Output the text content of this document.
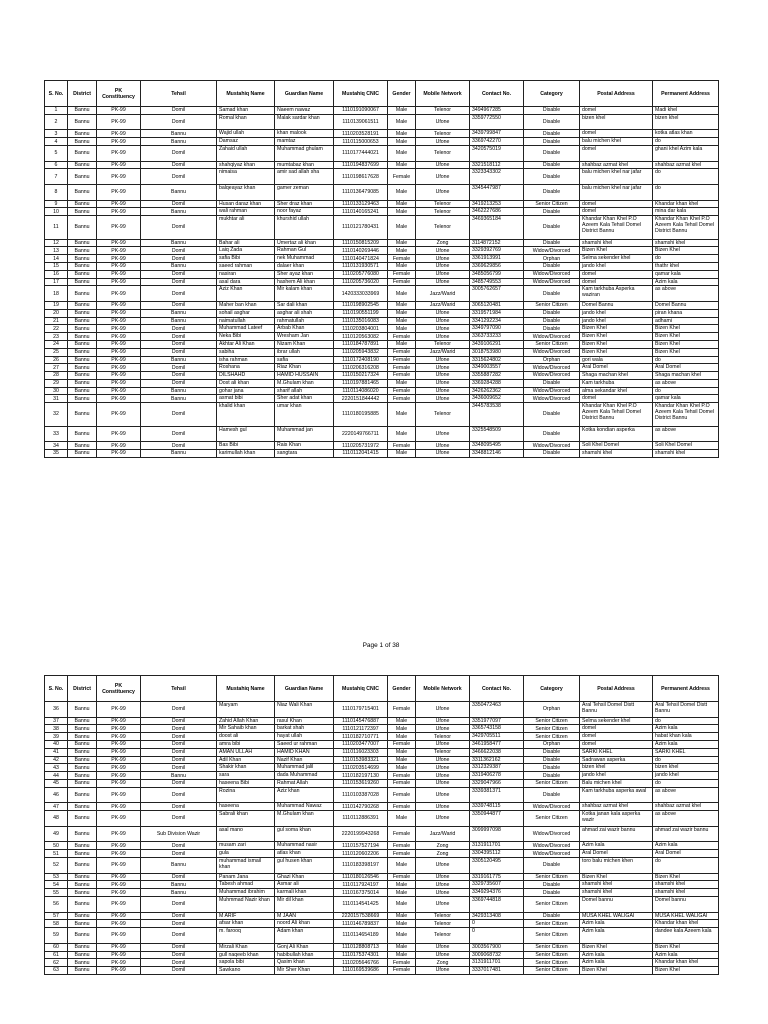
S. No.	District	PK Constituency	Tehsil	Mustahiq Name	Guardian Name	Mustahiq CNIC	Gender	Mobile Network	Contact No.	Category	Postal Address	Permanent Address
1	Bannu	PK-99	Domil	Samad khan	Naeem nawaz	1110191090067	Male	Telenor	3494967285	Disable	domel	Madi khel
2	Bannu	PK-99	Domil	Romal khan	Malak sardar khan	1110139061511	Male	Ufone	3359772550	Disable	bizen khel	bizen khel
3	Bannu	PK-99	Bannu	Wajid ullah	khan malook	1110203528191	Male	Telenor	3439799847	Disable	domel	kotka atlas khan
4	Bannu	PK-99	Bannu	Damsaz	mamtaz	1110115000653	Male	Ufone	3369742270	Disable	balu michen khel	do
5	Bannu	PK-99	Domil	Zahaid ullah	Muhammad ghulam	1110177444021	Male	Telenor	3420575019	Disable	domel	ghani khel Azim kala
6	Bannu	PK-99	Domil	shahqiyaz khan	mumtabaz khan	1110194837699	Male	Ufone	3321518112	Disable	shahbaz azmat khel	shahbaz azmat khel
7	Bannu	PK-99	Domil	nimaisa	amir sad allah sha	1110198617628	Female	Ufone	3323343302	Disable	balu michen khel nar jafar	do
8	Bannu	PK-99	Bannu	balqeayaz khan	gamer zeman	1110136479085	Male	Ufone	3345447987	Disable	balu michen khel nar jafar	do
9	Bannu	PK-99	Domil	Husan daraz khan	Sher draz khan	1110133129463	Male	Telenor	3419213253	Senior Citizen	domel	Khandar khan khel
10	Bannu	PK-99	Bannu	wali rahman	noor fayaz	1110140165241	Male	Telenor	3462227686	Disable	domel	mina dar kala
11	Bannu	PK-99	Domil	mukhtar ali	khurshid ullah	1110121780431	Male	Telenor	3469365184	Disable	Khandar Khan Khel P.O Azeem Kala Tehsil Domel District Bannu	Khandar Khan Khel P.O Azeem Kala Tehsil Domel District Bannu
12	Bannu	PK-99	Bannu	Bahar ali	Umertaz ali khan	1110150815209	Male	Zong	3114872152	Disable	shamshi khel	shamshi khel
13	Bannu	PK-99	Domil	Laiq Zada	Rahman Gul	1110140269446	Male	Ufone	3329392769	Widow/Divorced	Bizen Khel	Bizen Khel
14	Bannu	PK-99	Domil	safia Bibi	nek Muhammad	1110140471824	Female	Ufone	3361913991	Orphan	Selma sekender khel	do
15	Bannu	PK-99	Bannu	saeed rahman	dalaer khan	1110131930571	Male	Ufone	3369629856	Disable	jando khel	thathr khel
16	Bannu	PK-99	Domil	nasiran	Sher ayaz khan	1110205776080	Female	Ufone	3485056799	Widow/Divorced	domel	qamar kala
17	Bannu	PK-99	Domil	asal dara	hashem Ali khan	1110205736020	Female	Ufone	3485749553	Widow/Divorced	domel	Azim kala
18	Bannu	PK-99	Domil	Aziz Khan	Mir kalam khan	1420333033969	Male	Jazz/Warid	3005762657	Disable	Kam tarkhuba Asperka waziran	as above
19	Bannu	PK-99	Domil	Maher ban khan	Sar dali khan	1110198902545	Male	Jazz/Warid	3065120481	Senior Citizen	Domel Bannu	Domel Bannu
20	Bannu	PK-99	Bannu	sohail asghar	asghar ali shah	1110190551199	Male	Ufone	3319571984	Disable	jando khel	piran khana
21	Bannu	PK-99	Bannu	naimatullah	rahmatullah	1110135016083	Male	Ufone	3341292234	Disable	jando khel	adhami
22	Bannu	PK-99	Domil	Muhammad Lateef	Arbab Khan	1110203804001	Male	Ufone	3349797090	Disable	Bizen Khel	Bizen Khel
23	Bannu	PK-99	Domil	Neka Bibi	Wresham Jan	1110120563082	Female	Ufone	3363733233	Widow/Divorced	Bizen Khel	Bizen Khel
24	Bannu	PK-99	Domil	Akhtar Ali Khan	Nizam Khan	1110184787891	Male	Telenor	3439106291	Senior Citizen	Bizen Khel	Bizen Khel
25	Bannu	PK-99	Domil	sabiha	ibrar ullah	1110205943832	Female	Jazz/Warid	3018753980	Widow/Divorced	Bizen Khel	Bizen Khel
26	Bannu	PK-99	Bannu	isha rahman	safia	1110172408190	Female	Ufone	3315624802	Orphan	gori wala	do
27	Bannu	PK-99	Domil	Roshana	Riaz Khan	1110206316208	Female	Ufone	3349003557	Widow/Divorced	Aral Domel	Aral Domel
28	Bannu	PK-99	Domil	DILSHAHD	HAMID HUSSAIN	1110150217324	Female	Ufone	3355887282	Widow/Divorced	Shaga machan khel	Shaga machan khel
29	Bannu	PK-99	Domil	Dost ali khan	M.Ghulam khan	1110197881465	Male	Ufone	3369284288	Disable	Kam tarkhuba	as above
30	Bannu	PK-99	Bannu	gohar jana	sharif allah	1110114086020	Female	Ufone	3426262362	Widow/Divorced	alma sekandar khel	do
31	Bannu	PK-99	Bannu	asmat bibi	Sher adat khan	2220151844442	Female	Ufone	3436009652	Widow/Divorced	domel	qamar kala
32	Bannu	PK-99	Domil	khalid khan	umar khan	1110180195885	Male	Telenor	3445783538	Disable	Khandar Khan Khel P.O Azeem Kala Tehsil Domel District Bannu	Khandar Khan Khel P.O Azeem Kala Tehsil Domel District Bannu
33	Bannu	PK-99	Domil	Hamesh gul	Muhammad jan	2220149766711	Male	Ufone	3325548509	Disable	Kotka kondian asperka	as above
34	Bannu	PK-99	Domil	Bas Bibi	Rais Khan	1110205731972	Female	Ufone	3348095495	Widow/Divorced	Soli Khel Domel	Soli Khel Domel
35	Bannu	PK-99	Bannu	karimullah khan	sangtara	1110112041415	Male	Ufone	3348812146	Disable	shamshi khel	shamshi khel
Page 1 of 38
S. No.	District	PK Constituency	Tehsil	Mustahiq Name	Guardian Name	Mustahiq CNIC	Gender	Mobile Network	Contact No.	Category	Postal Address	Permanent Address
36	Bannu	PK-99	Domil	Maryam	Niaz Wali Khan	1110179715401	Female	Ufone	3350472463	Orphan	Aral Tehsil Domel Distt Bannu	Aral Tehsil Domel Distt Bannu
37	Bannu	PK-99	Domil	Zahid Allah Khan	rasul Khan	1110145476887	Male	Ufone	3351977097	Senior Citizen	Selma sekender khel	do
38	Bannu	PK-99	Domil	Mir Sahaib khan	barkat shah	1110121172397	Male	Ufone	3365743158	Senior Citizen	domel	Azim kala
39	Bannu	PK-99	Domil	doost ali	hayat ullah	1110182710771	Male	Telenor	3429705511	Senior Citizen	domel	habat khan kala
40	Bannu	PK-99	Domil	amra bibi	Saeed ur rahman	1110203477007	Female	Ufone	3461958477	Orphan	domel	Azim kala
41	Bannu	PK-99	Domil	AMAN ULLAH	HAMID KHAN	1110116023303	Male	Telenor	3466622038	Disable	SARKI KHEL	SARKI KHEL
42	Bannu	PK-99	Domil	Adil Khan	Nazif Khan	1110153983321	Male	Ufone	3311362162	Disable	Sadrawan asperka	do
43	Bannu	PK-99	Domil	Shakir khan	Muhammad jalil	1110203514699	Male	Ufone	3312329387	Disable	bizen khel	bizen khel
44	Bannu	PK-99	Bannu	sara	dada Muhammad	1110182197130	Female	Ufone	3319406278	Disable	jando khel	jando khel
45	Bannu	PK-99	Domil	haseena Bibi	Rahmat Allah	1110153619260	Female	Ufone	3329047966	Senior Citizen	Balu michen khel	do
46	Bannu	PK-99	Domil	Rozina	Aziz khan	1110103387028	Female	Ufone	3339381371	Disable	Kam tarkhuba asperka awal	as above
47	Bannu	PK-99	Domil	haseena	Muhammad Nawaz	1110142790268	Female	Ufone	3339748115	Widow/Divorced	shahbaz azmat khel	shahbaz azmat khel
48	Bannu	PK-99	Domil	Sabrali khan	M.Ghulam khan	1110112886391	Male	Ufone	3350944877	Senior Citizen	Kotka janan kala asperka wazir	as above
49	Bannu	PK-99	Sub Division Wazir	asal mano	gul soma khan	2220199943268	Female	Jazz/Warid	3099997098	Widow/Divorced	ahmad zai wazir bannu	ahmad zai wazir bannu
50	Bannu	PK-99	Domil	musam zari	Muhammad nasir	1110157527194	Female	Zong	3131911701	Widow/Divorced	Azim kala	Azim kala
51	Bannu	PK-99	Domil	gula	atlas khan	1110120602206	Female	Zong	3304395112	Widow/Divorced	Aral Domel	Aral Domel
52	Bannu	PK-99	Bannu	muhammad ismail khan	gul husen khan	1110183398197	Male	Ufone	3305120495	Disable	toro balu michen khen	do
53	Bannu	PK-99	Domil	Panam Jana	Ghazi Khan	1110180126546	Female	Ufone	3319161775	Senior Citizen	Bizen Khel	Bizen Khel
54	Bannu	PK-99	Bannu	Tabesh ahmad	Asmar ali	1110117924197	Male	Ufone	3329735607	Disable	shamshi khel	shamshi khel
55	Bannu	PK-99	Bannu	Muhammad ibrahim	karmali khan	1110167375014	Male	Ufone	3349294376	Disable	shamshi khel	shamshi khel
56	Bannu	PK-99	Domil	Muhmmad Nazir khan	Mir dil khan	1110114541425	Male	Ufone	3369744818	Senior Citizen	Domel bannu	Domel bannu
57	Bannu	PK-99	Domil	M ARIF	M JAAN	2220157538669	Male	Telenor	3429313408	Disable	MUSA KHEL WALIGAI	MUSA KHEL WALIGAI
58	Bannu	PK-99	Domil	afsar khan	noord Ali khan	1110146789837	Male	Telenor	0	Senior Citizen	Azim kala	Khandar khan khel
59	Bannu	PK-99	Domil	m. farooq	Adam khan	1110114654189	Male	Telenor	0	Senior Citizen	Azim kala	dandee kala Azeem kala
60	Bannu	PK-99	Domil	Mirzali Khan	Gonj Ali Khan	1110128808713	Male	Ufone	3003567900	Senior Citizen	Bizen Khel	Bizen Khel
61	Bannu	PK-99	Domil	gull naqeeb khan	habibullah khan	1110175374301	Male	Ufone	3009068732	Senior Citizen	Azim kala	Azim kala
62	Bannu	PK-99	Domil	sapola bibi	Qasim khan	1110205646766	Female	Zong	3131911701	Senior Citizen	Azim kala	Khandar khan khel
63	Bannu	PK-99	Domil	Sawkano	Mir Sher Khan	1110169539686	Female	Ufone	3337017481	Senior Citizen	Bizen Khel	Bizen Khel
